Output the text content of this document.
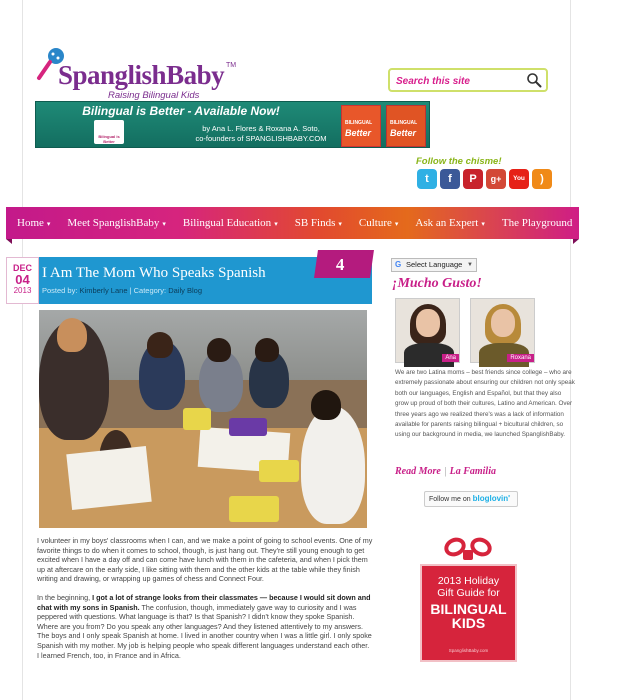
SpanglishBaby TM
Raising Bilingual Kids
Search this site
Bilingual is Better - Available Now!
Bilingual is Better
by Ana L. Flores & Roxana A. Soto,
co-founders of SPANGLISHBABY.COM
BILINGUAL
Better
BILINGUAL
Better
Follow the chisme!
t	f	P	g+	You Tube
)
Home ▾ Meet SpanglishBaby ▾ Bilingual Education ▾ SB Finds ▾ Culture ▾ Ask an Expert ▾ The Playground The Book
DEC
04
2013
I Am The Mom Who Speaks Spanish
Posted by: Kimberly Lane | Category: Daily Blog
4

I volunteer in my boys' classrooms when I can, and we make a point of going to school events. One of my favorite things to do when it comes to school, though, is just hang out. They're still young enough to get excited when I have a day off and can come have lunch with them in the cafeteria, and when I pick them up at aftercare on the early side, I like sitting with them and the other kids at the table while they finish writing and drawing, or wrapping up games of chess and Connect Four.

In the beginning, I got a lot of strange looks from their classmates — because I would sit down and chat with my sons in Spanish. The confusion, though, immediately gave way to curiosity and I was peppered with questions. What language is that? Is that Spanish? I didn't know they spoke Spanish. Where are you from? Do you speak any other languages? And they listened attentively to my answers. The boys and I only speak Spanish at home. I lived in another country when I was a little girl. I only spoke Spanish with my mother. My job is helping people who speak different languages understand each other. I learned French, too, in France and in Africa.

G Select Language ▼
¡Mucho Gusto!
Ana	Roxana

We are two Latina moms – best friends since college – who are extremely passionate about ensuring our children not only speak both our languages, English and Español, but that they also grow up proud of both their cultures, Latino and American. Over three years ago we realized there's was a lack of information available for parents raising bilingual + bicultural children, so using our background in media, we launched SpanglishBaby.

Read More | La Familia
Follow me on bloglovin'
2013 Holiday
Gift Guide for
BILINGUAL KIDS
SpanglishBaby.com
